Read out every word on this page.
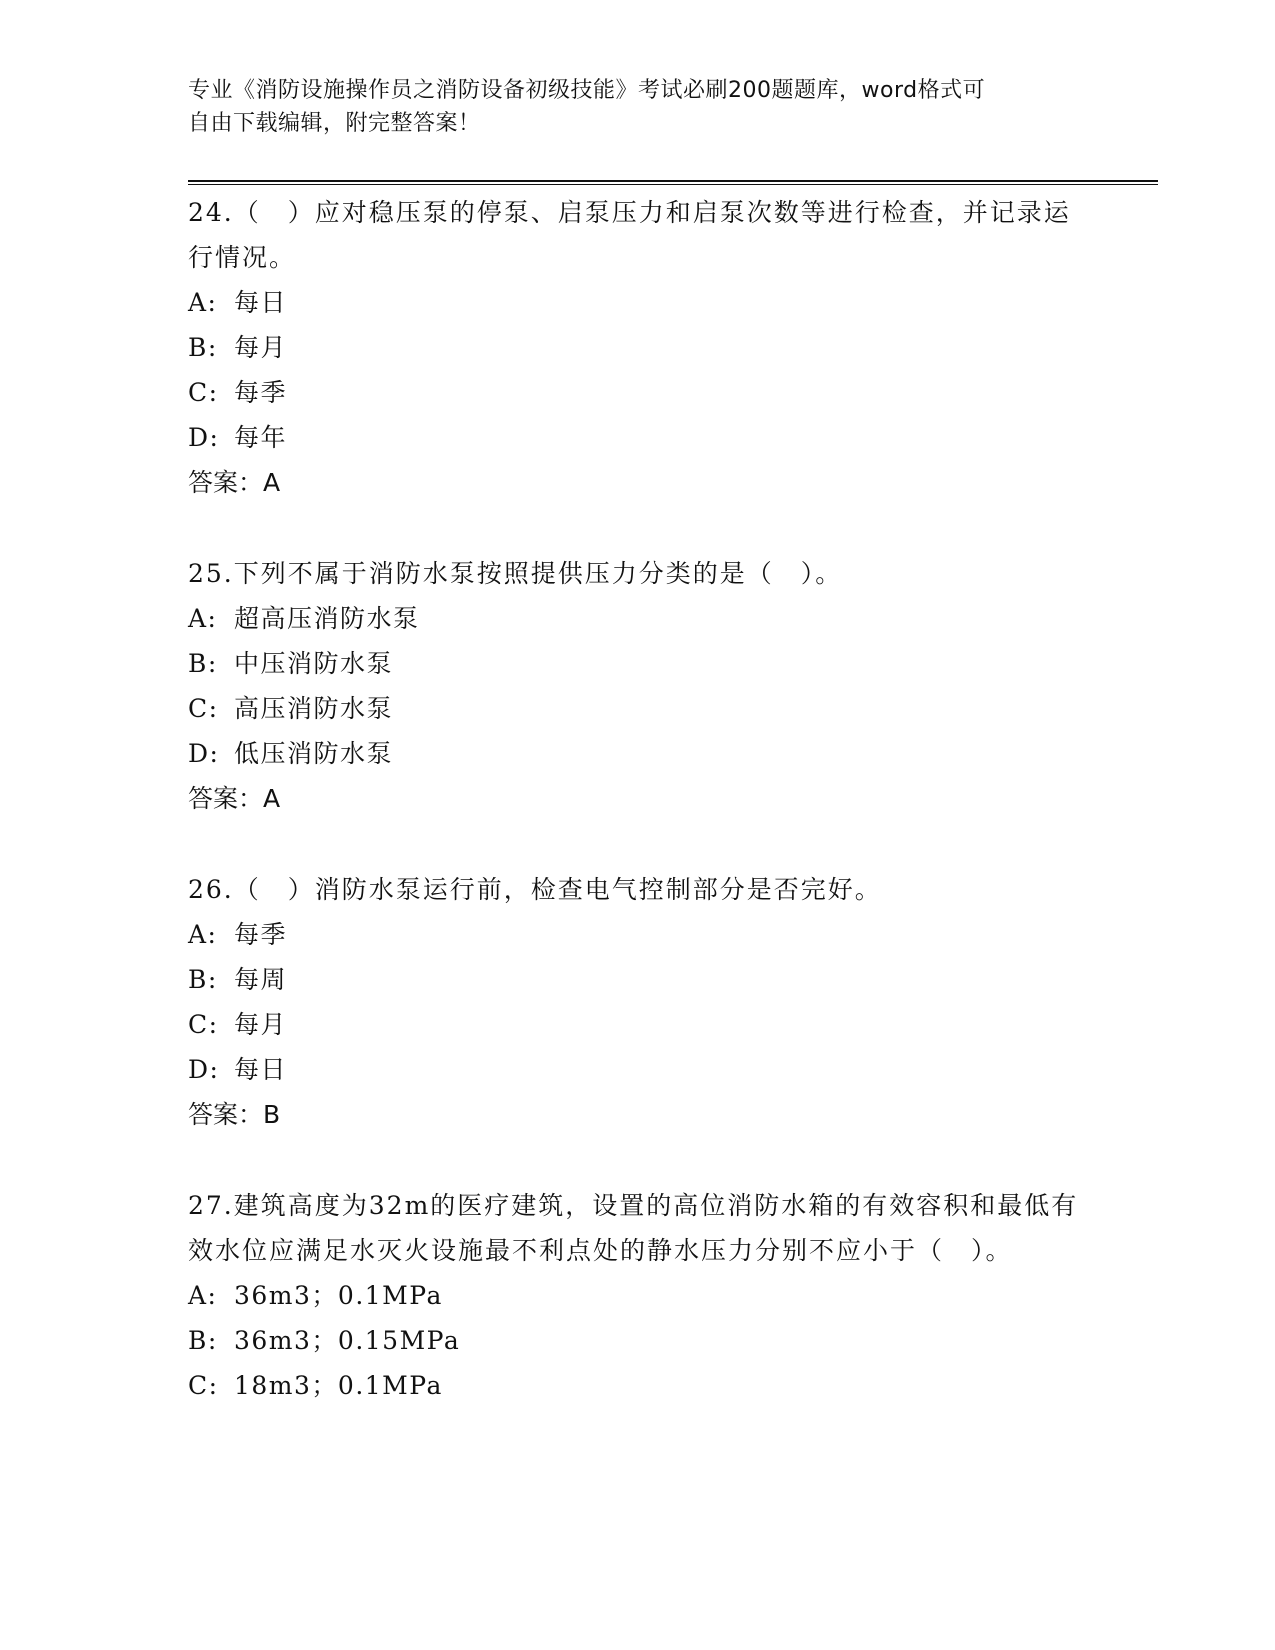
专业《消防设施操作员之消防设备初级技能》考试必刷200题题库，word格式可
自由下载编辑，附完整答案！

24.（　）应对稳压泵的停泵、启泵压力和启泵次数等进行检查，并记录运行情况。

A: 每日

B: 每月

C: 每季

D: 每年

答案：A

25.下列不属于消防水泵按照提供压力分类的是（　）。

A: 超高压消防水泵

B: 中压消防水泵

C: 高压消防水泵

D: 低压消防水泵

答案：A

26.（　）消防水泵运行前，检查电气控制部分是否完好。

A: 每季

B: 每周

C: 每月

D: 每日

答案：B

27.建筑高度为32m的医疗建筑，设置的高位消防水箱的有效容积和最低有效水位应满足水灭火设施最不利点处的静水压力分别不应小于（　）。

A: 36m3；0.1MPa

B: 36m3；0.15MPa

C: 18m3；0.1MPa
